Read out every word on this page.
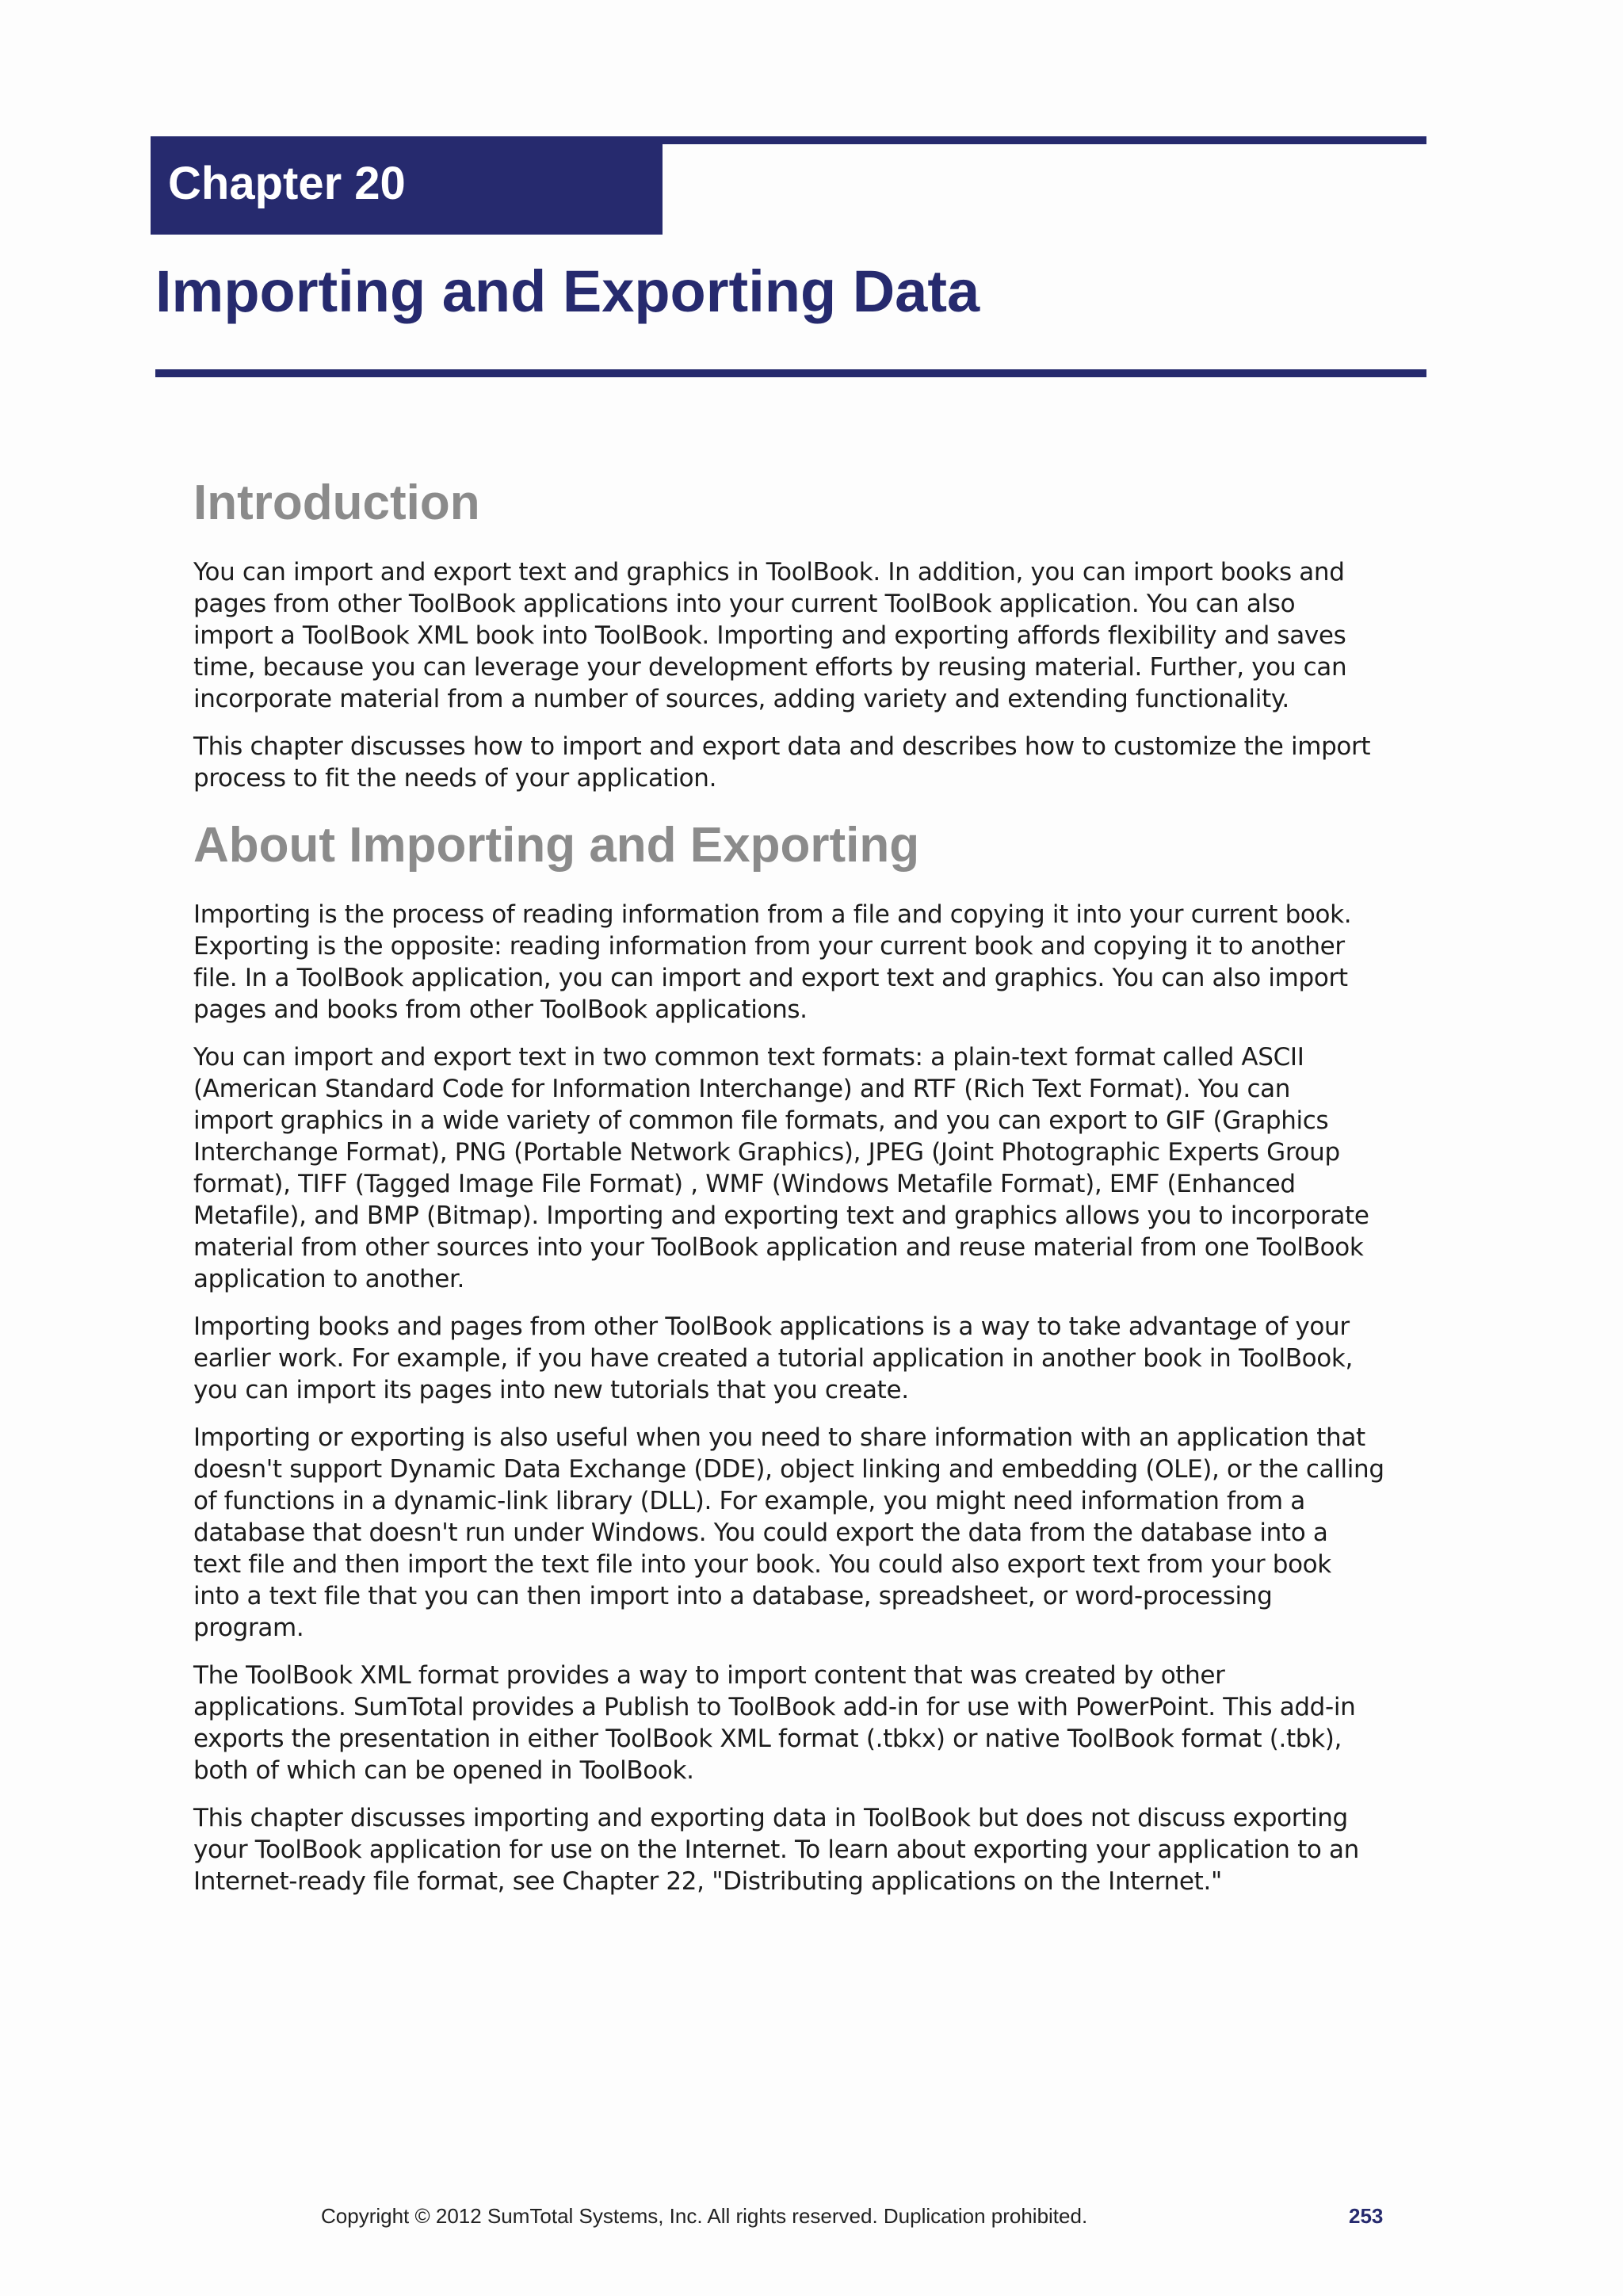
Chapter 20
Importing and Exporting Data
Introduction

You can import and export text and graphics in ToolBook. In addition, you can import books and
pages from other ToolBook applications into your current ToolBook application. You can also
import a ToolBook XML book into ToolBook. Importing and exporting affords flexibility and saves
time, because you can leverage your development efforts by reusing material. Further, you can
incorporate material from a number of sources, adding variety and extending functionality.

This chapter discusses how to import and export data and describes how to customize the import
process to fit the needs of your application.

About Importing and Exporting

Importing is the process of reading information from a file and copying it into your current book.
Exporting is the opposite: reading information from your current book and copying it to another
file. In a ToolBook application, you can import and export text and graphics. You can also import
pages and books from other ToolBook applications.

You can import and export text in two common text formats: a plain-text format called ASCII
(American Standard Code for Information Interchange) and RTF (Rich Text Format). You can
import graphics in a wide variety of common file formats, and you can export to GIF (Graphics
Interchange Format), PNG (Portable Network Graphics), JPEG (Joint Photographic Experts Group
format), TIFF (Tagged Image File Format) , WMF (Windows Metafile Format), EMF (Enhanced
Metafile), and BMP (Bitmap). Importing and exporting text and graphics allows you to incorporate
material from other sources into your ToolBook application and reuse material from one ToolBook
application to another.

Importing books and pages from other ToolBook applications is a way to take advantage of your
earlier work. For example, if you have created a tutorial application in another book in ToolBook,
you can import its pages into new tutorials that you create.

Importing or exporting is also useful when you need to share information with an application that
doesn't support Dynamic Data Exchange (DDE), object linking and embedding (OLE), or the calling
of functions in a dynamic-link library (DLL). For example, you might need information from a
database that doesn't run under Windows. You could export the data from the database into a
text file and then import the text file into your book. You could also export text from your book
into a text file that you can then import into a database, spreadsheet, or word-processing
program.

The ToolBook XML format provides a way to import content that was created by other
applications. SumTotal provides a Publish to ToolBook add-in for use with PowerPoint. This add-in
exports the presentation in either ToolBook XML format (.tbkx) or native ToolBook format (.tbk),
both of which can be opened in ToolBook.

This chapter discusses importing and exporting data in ToolBook but does not discuss exporting
your ToolBook application for use on the Internet. To learn about exporting your application to an
Internet-ready file format, see Chapter 22, "Distributing applications on the Internet."

Copyright © 2012 SumTotal Systems, Inc. All rights reserved. Duplication prohibited.	253
